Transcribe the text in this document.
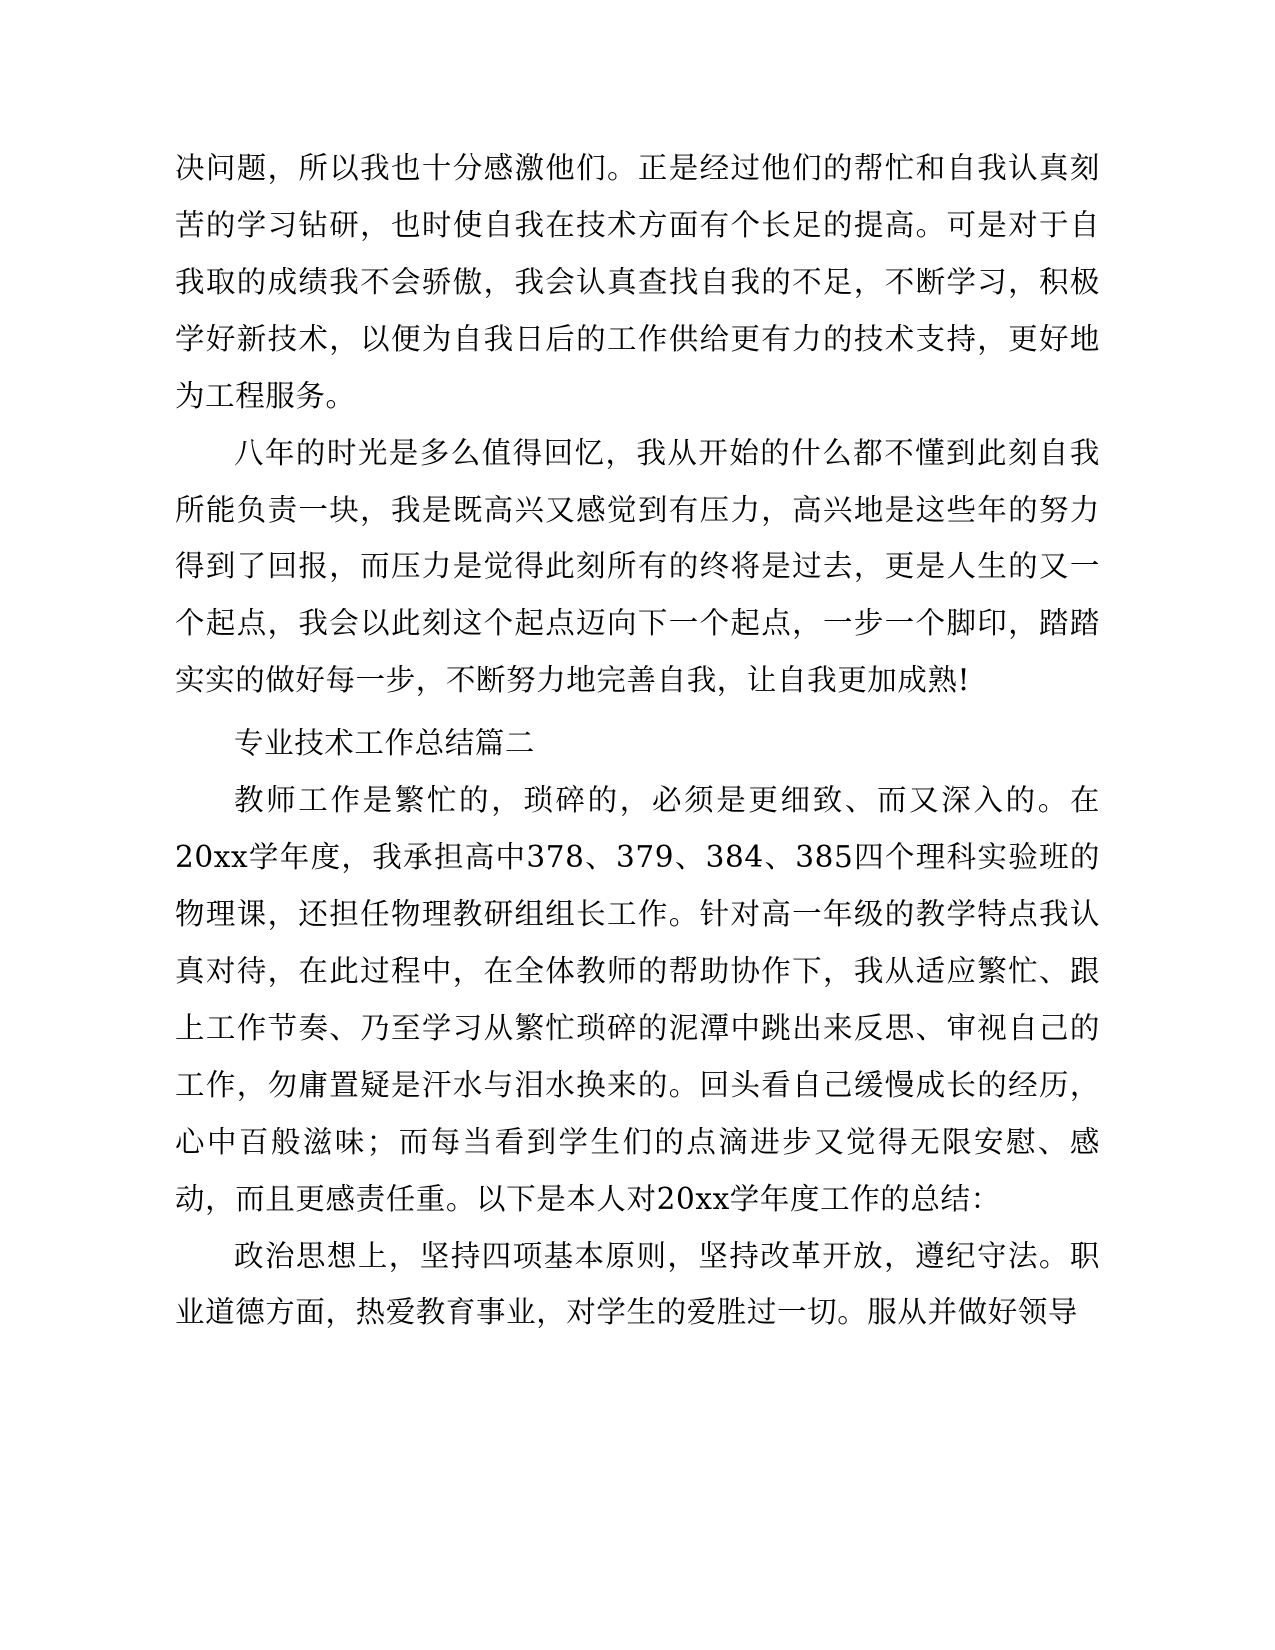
决问题，所以我也十分感激他们。正是经过他们的帮忙和自我认真刻苦的学习钻研，也时使自我在技术方面有个长足的提高。可是对于自我取的成绩我不会骄傲，我会认真查找自我的不足，不断学习，积极学好新技术，以便为自我日后的工作供给更有力的技术支持，更好地为工程服务。

八年的时光是多么值得回忆，我从开始的什么都不懂到此刻自我所能负责一块，我是既高兴又感觉到有压力，高兴地是这些年的努力得到了回报，而压力是觉得此刻所有的终将是过去，更是人生的又一个起点，我会以此刻这个起点迈向下一个起点，一步一个脚印，踏踏实实的做好每一步，不断努力地完善自我，让自我更加成熟!

专业技术工作总结篇二

教师工作是繁忙的，琐碎的，必须是更细致、而又深入的。在20xx学年度，我承担高中378、379、384、385四个理科实验班的物理课，还担任物理教研组组长工作。针对高一年级的教学特点我认真对待，在此过程中，在全体教师的帮助协作下，我从适应繁忙、跟上工作节奏、乃至学习从繁忙琐碎的泥潭中跳出来反思、审视自己的工作，勿庸置疑是汗水与泪水换来的。回头看自己缓慢成长的经历，心中百般滋味；而每当看到学生们的点滴进步又觉得无限安慰、感动，而且更感责任重。以下是本人对20xx学年度工作的总结：

政治思想上，坚持四项基本原则，坚持改革开放，遵纪守法。职业道德方面，热爱教育事业，对学生的爱胜过一切。服从并做好领导
